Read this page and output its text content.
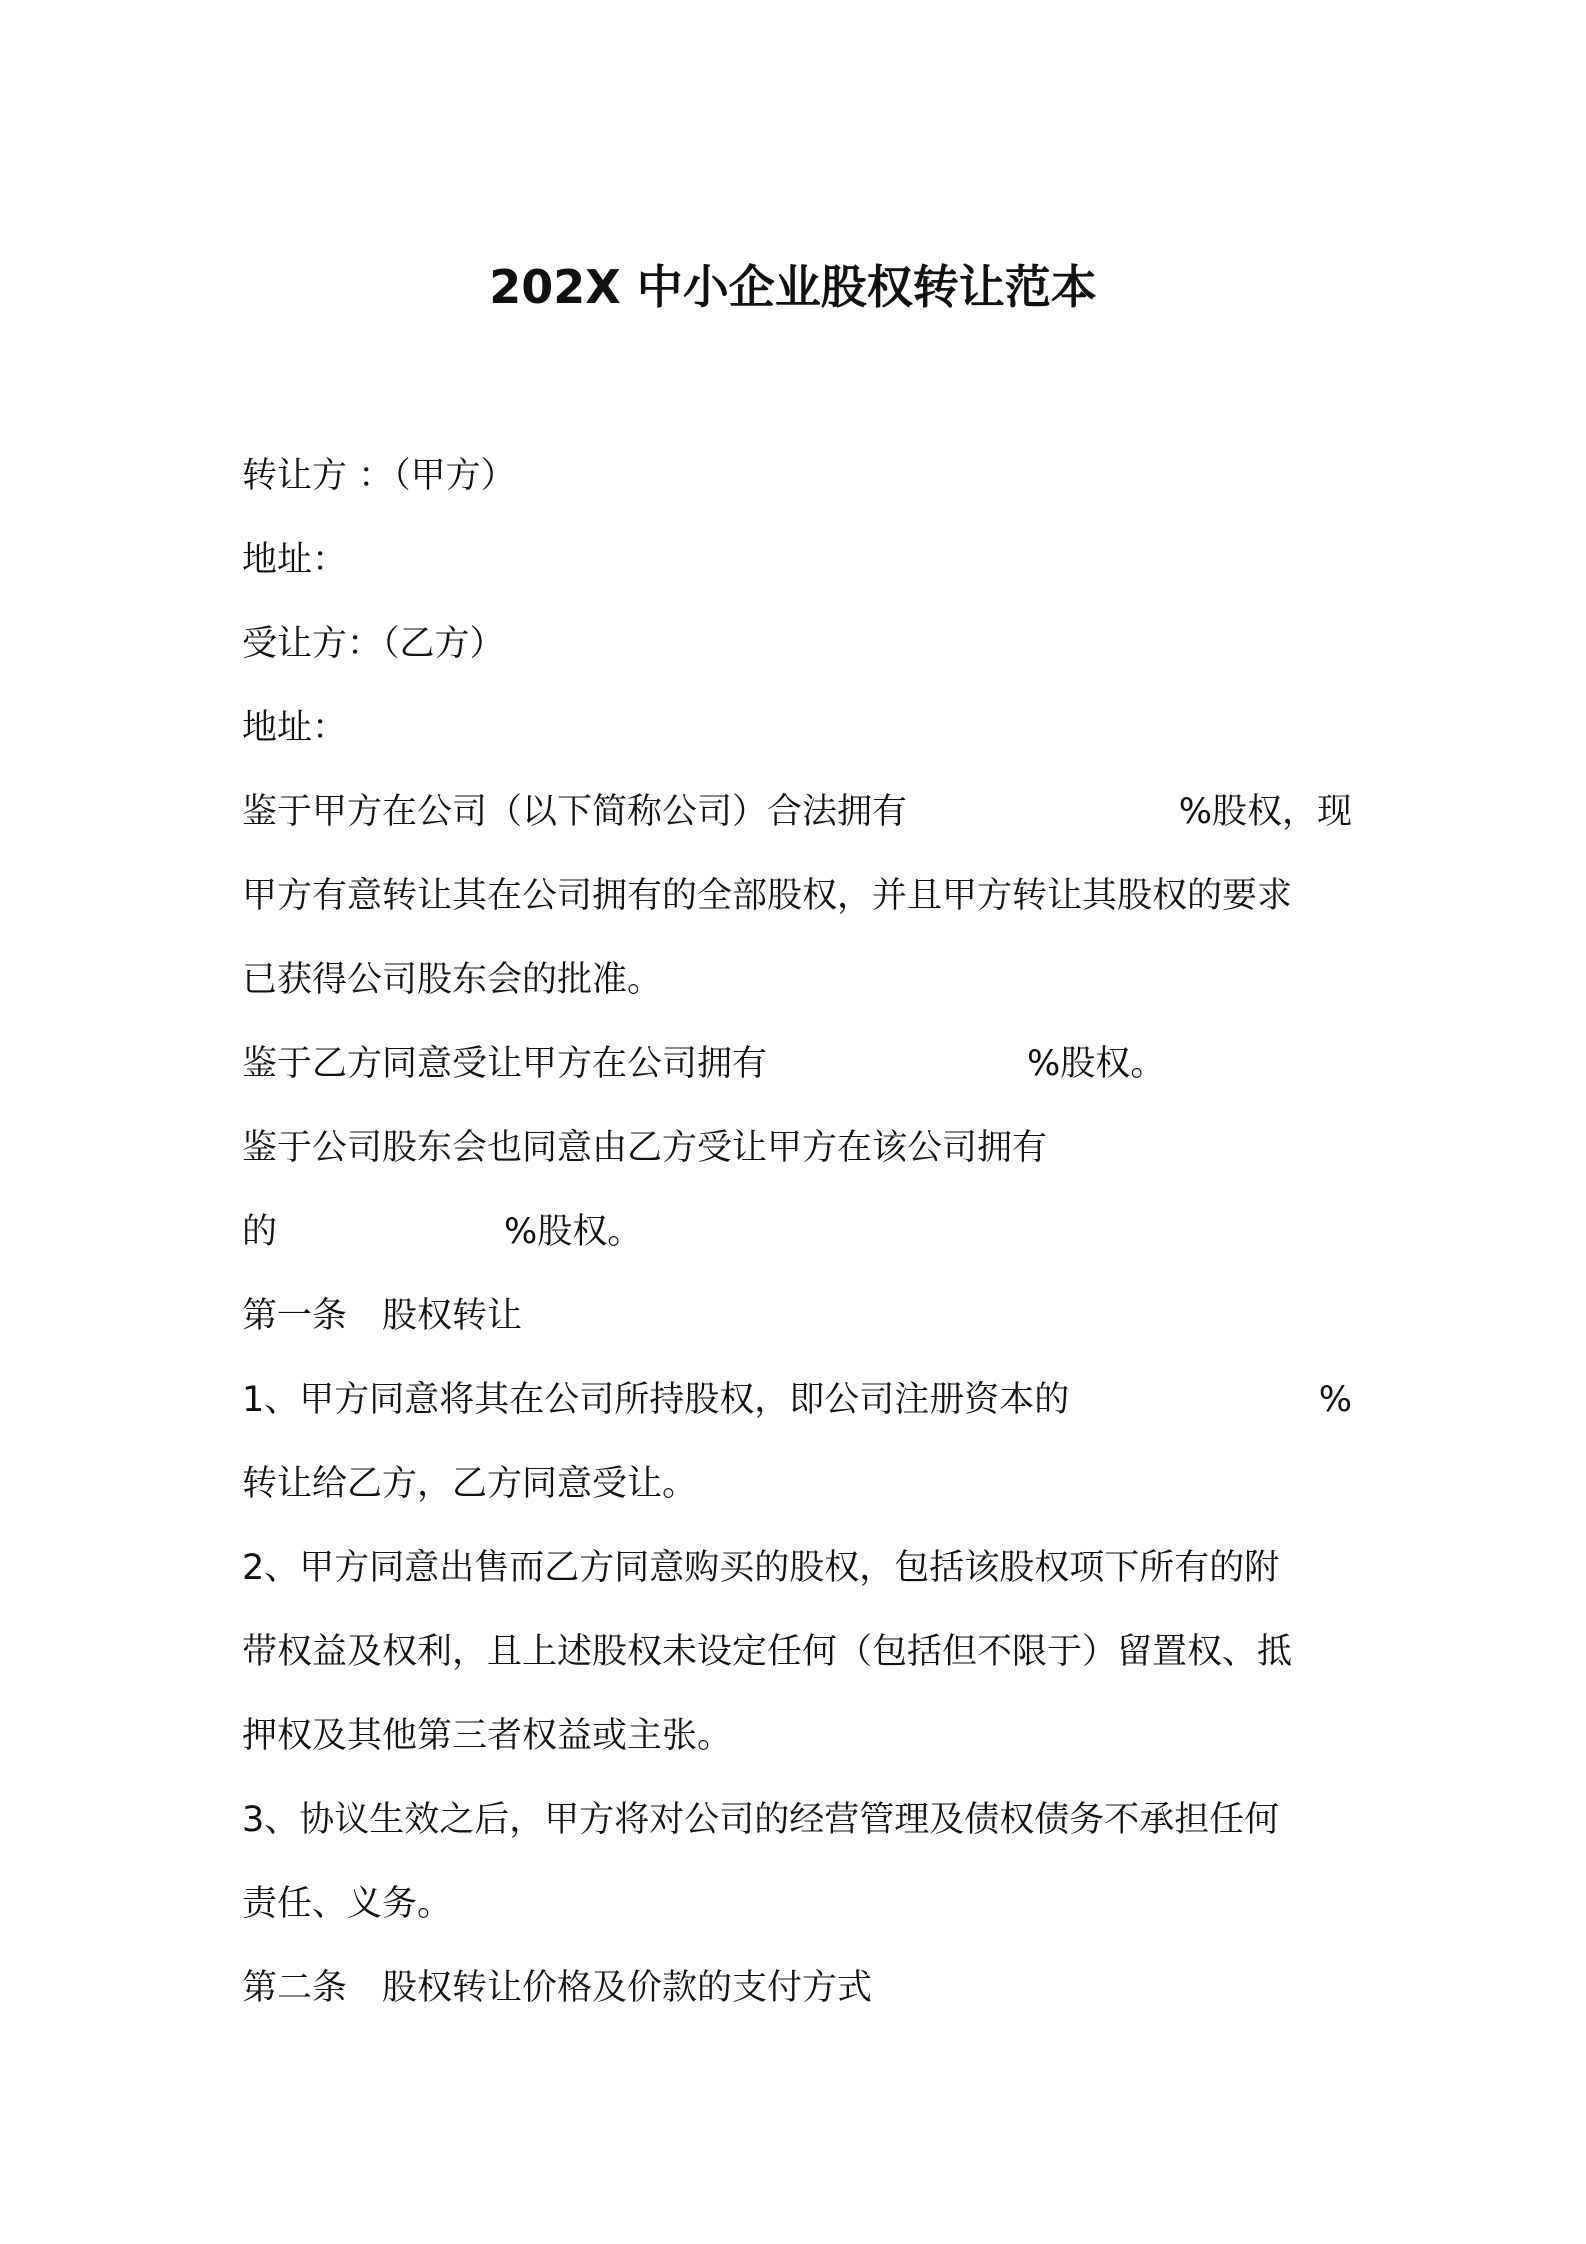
202X 中小企业股权转让范本
转让方 ：（甲方）
地址：
受让方：（乙方）
地址：
鉴于甲方在公司（以下简称公司）合法拥有	%股权，现
甲方有意转让其在公司拥有的全部股权，并且甲方转让其股权的要求
已获得公司股东会的批准。
鉴于乙方同意受让甲方在公司拥有	%股权。
鉴于公司股东会也同意由乙方受让甲方在该公司拥有
的	%股权。
第一条　股权转让
1、甲方同意将其在公司所持股权，即公司注册资本的	%
转让给乙方，乙方同意受让。
2、甲方同意出售而乙方同意购买的股权，包括该股权项下所有的附
带权益及权利，且上述股权未设定任何（包括但不限于）留置权、抵
押权及其他第三者权益或主张。
3、协议生效之后，甲方将对公司的经营管理及债权债务不承担任何
责任、义务。
第二条　股权转让价格及价款的支付方式
